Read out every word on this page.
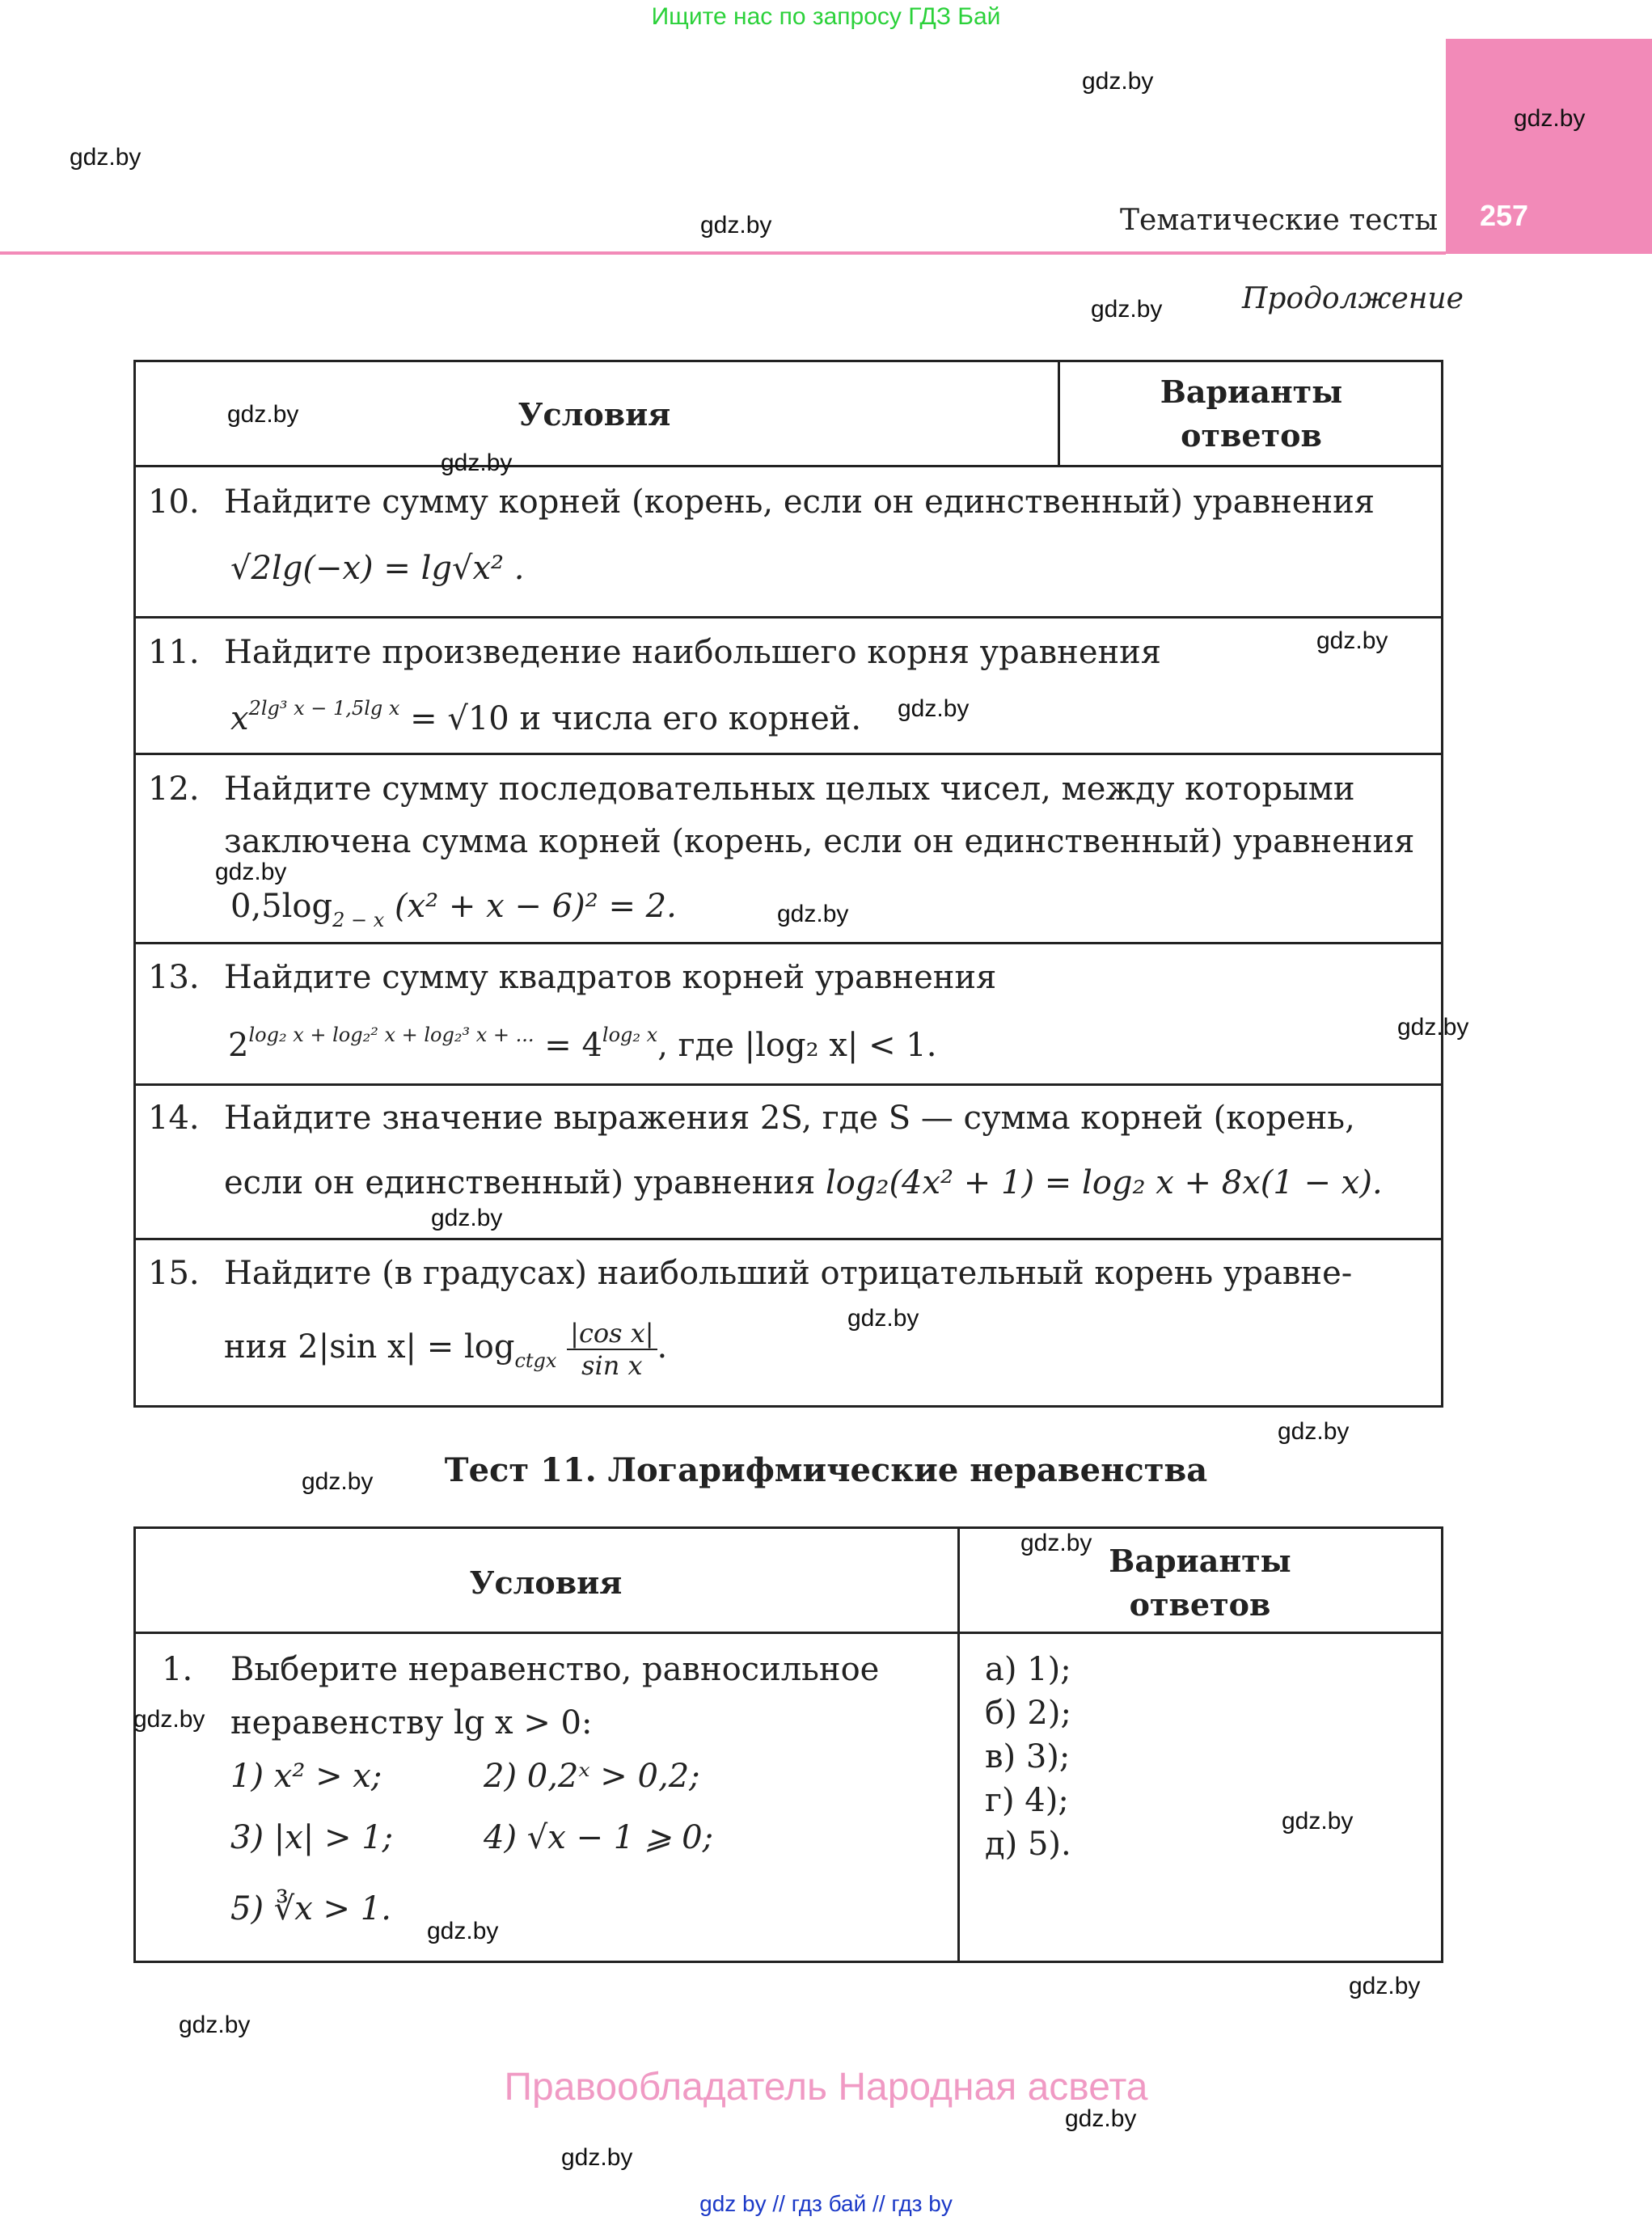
Ищите нас по запросу ГДЗ Бай
257
Тематические тесты
Продолжение
gdz.by
gdz.by
gdz.by
gdz.by
gdz.by
Условия
Варианты
ответов
gdz.by
gdz.by
10. Найдите сумму корней (корень, если он единственный) уравнения
√2lg(−x) = lg√x² .
11. Найдите произведение наибольшего корня уравнения
$x^{2lg^3 x - 1,5lg x} = √10$ и числа его корней.
gdz.by
gdz.by
12. Найдите сумму последовательных целых чисел, между которыми
заключена сумма корней (корень, если он единственный) уравнения
$0,5\log_{2 - x}$ (x² + x − 6)² = 2.
gdz.by
gdz.by
13. Найдите сумму квадратов корней уравнения
$2^{log_2 x + log_2^2 x + log_2^3 x + ...} = 4^{log_2 x}$, где |log₂ x| < 1.	gdz.by
14. Найдите значение выражения 2S, где S — сумма корней (корень,
если он единственный) уравнения log₂(4x² + 1) = log₂ x + 8x(1 − x).
gdz.by
15. Найдите (в градусах) наибольший отрицательный корень уравне-
ния 2|sin $x| = \log_{ctgx} \frac{\text{|cos x|}}{\text{sin x}}$ .
gdz.by
gdz.by
Тест 11. Логарифмические неравенства
gdz.by
Условия
Варианты
ответов
gdz.by
1. Выберите неравенство, равносильное
неравенству lg x > 0:
1) x² > x;	2) 0,2ˣ > 0,2;
3) |x| > 1;	4) √x − 1 ⩾ 0;
5) ∛x > 1.
gdz.by
gdz.by
а) 1);
б) 2);
в) 3);
г) 4);
д) 5).
gdz.by
gdz.by
gdz.by
Правообладатель Народная асвета
gdz.by
gdz.by
gdz by // гдз бай // гдз by
